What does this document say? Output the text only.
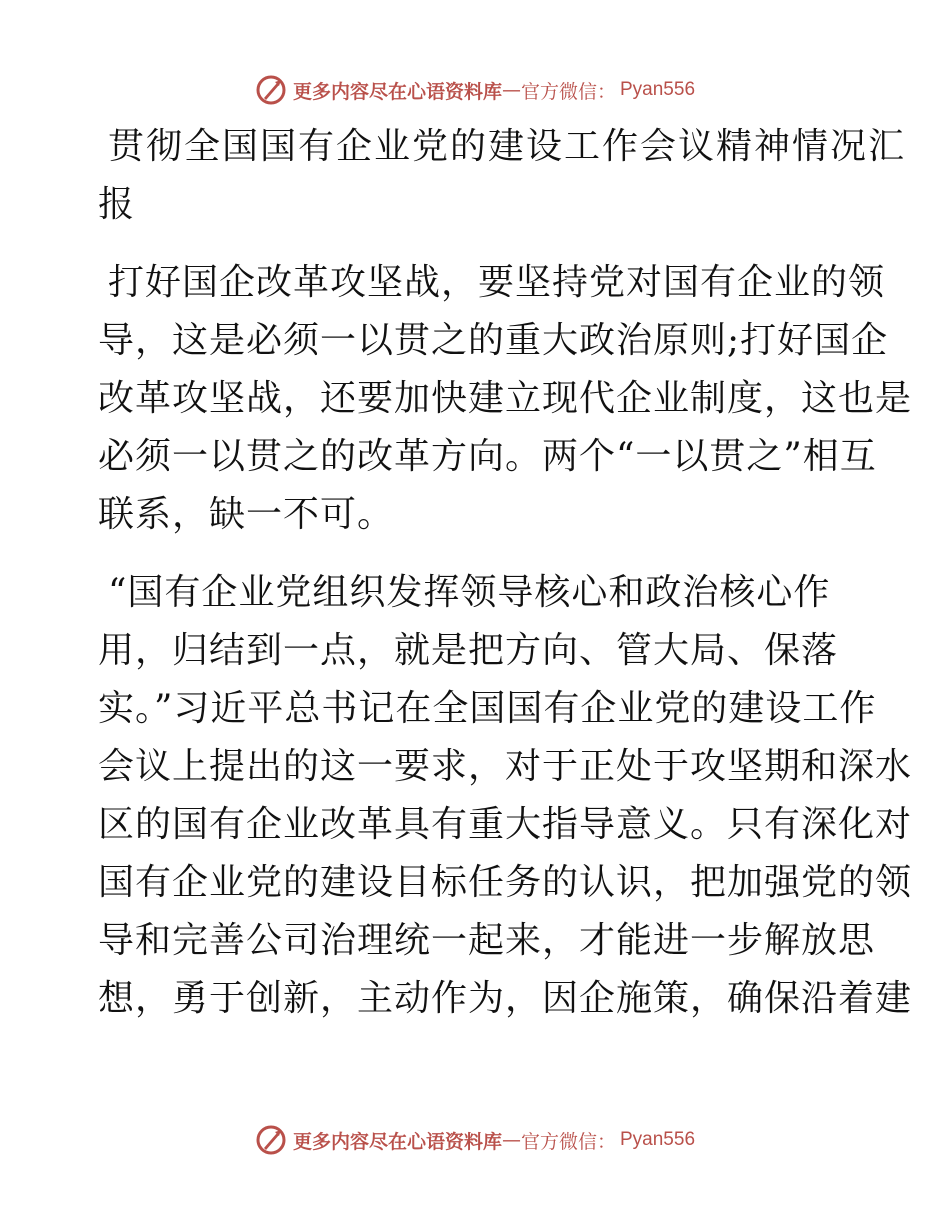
更多内容尽在心语资料库 — 官方微信： Pyan556
贯彻全国国有企业党的建设工作会议精神情况汇
报

打好国企改革攻坚战，要坚持党对国有企业的领
导，这是必须一以贯之的重大政治原则;打好国企
改革攻坚战，还要加快建立现代企业制度，这也是
必须一以贯之的改革方向。两个“一以贯之”相互
联系，缺一不可。

“国有企业党组织发挥领导核心和政治核心作
用，归结到一点，就是把方向、管大局、保落
实。”习近平总书记在全国国有企业党的建设工作
会议上提出的这一要求，对于正处于攻坚期和深水
区的国有企业改革具有重大指导意义。只有深化对
国有企业党的建设目标任务的认识，把加强党的领
导和完善公司治理统一起来，才能进一步解放思
想，勇于创新，主动作为，因企施策，确保沿着建

更多内容尽在心语资料库 — 官方微信： Pyan556
